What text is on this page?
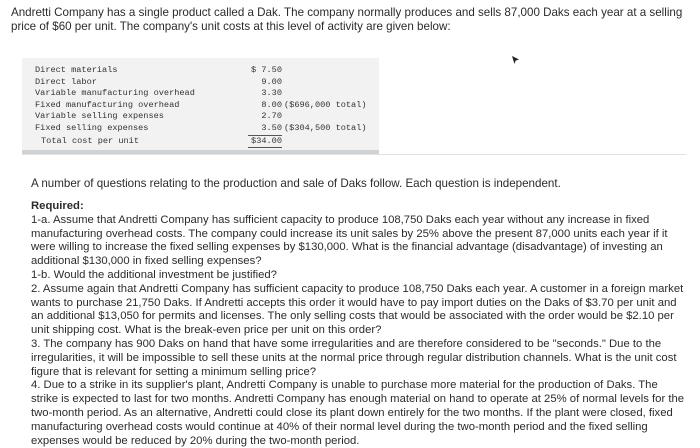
Andretti Company has a single product called a Dak. The company normally produces and sells 87,000 Daks each year at a selling price of $60 per unit. The company's unit costs at this level of activity are given below:

Direct materials	$ 7.50	
Direct labor	9.00	
Variable manufacturing overhead	3.30	
Fixed manufacturing overhead	8.00	($696,000 total)
Variable selling expenses	2.70	
Fixed selling expenses	3.50	($304,500 total)
Total cost per unit	$34.00	

A number of questions relating to the production and sale of Daks follow. Each question is independent.

Required:

1-a. Assume that Andretti Company has sufficient capacity to produce 108,750 Daks each year without any increase in fixed manufacturing overhead costs. The company could increase its unit sales by 25% above the present 87,000 units each year if it were willing to increase the fixed selling expenses by $130,000. What is the financial advantage (disadvantage) of investing an additional $130,000 in fixed selling expenses?

1-b. Would the additional investment be justified?

2. Assume again that Andretti Company has sufficient capacity to produce 108,750 Daks each year. A customer in a foreign market wants to purchase 21,750 Daks. If Andretti accepts this order it would have to pay import duties on the Daks of $3.70 per unit and an additional $13,050 for permits and licenses. The only selling costs that would be associated with the order would be $2.10 per unit shipping cost. What is the break-even price per unit on this order?

3. The company has 900 Daks on hand that have some irregularities and are therefore considered to be "seconds." Due to the irregularities, it will be impossible to sell these units at the normal price through regular distribution channels. What is the unit cost figure that is relevant for setting a minimum selling price?

4. Due to a strike in its supplier's plant, Andretti Company is unable to purchase more material for the production of Daks. The strike is expected to last for two months. Andretti Company has enough material on hand to operate at 25% of normal levels for the two-month period. As an alternative, Andretti could close its plant down entirely for the two months. If the plant were closed, fixed manufacturing overhead costs would continue at 40% of their normal level during the two-month period and the fixed selling expenses would be reduced by 20% during the two-month period.
